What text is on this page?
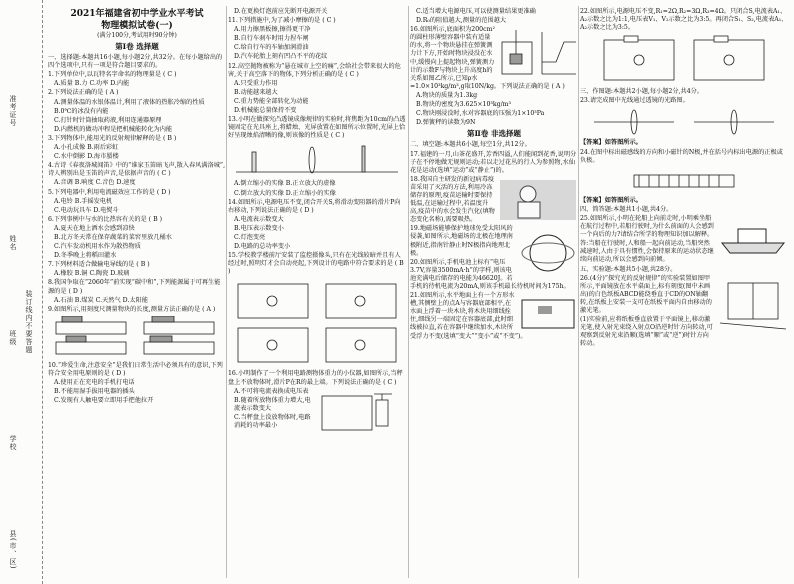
准考证号
姓名
装订线内不要答题
班级
学校
县(市、区)
2021年福建省初中学业水平考试
物理模拟试卷(一)
(满分100分,考试用时90分钟)
第Ⅰ卷 选择题

一、选择题:本题共16小题,每小题2分,共32分。在每小题给出的四个选项中,只有一项是符合题目要求的。

1.下列单位中,以瓦特名字命名的物理量是 ( C )

A.质量 B.力 C.功率 D.内能

2.下列说法正确的是 ( A )

A.测量体温的水银体温计,利用了液体的热胀冷缩的性质

B.0℃的冰没有内能

C.打针时针筒抽取药液,利用连通器原理

D.内燃机的做功冲程是把机械能转化为内能

3.下列物体中,能用光的反射规律解释的是 ( B )

A.小孔成像 B.雨后彩虹

C.水中倒影 D.海市蜃楼

4.古诗《春夜洛城闻笛》中的“谁家玉笛暗飞声,散入春风满洛城”,诗人辨别出是玉笛的声音,是依据声音的 ( C )

A.音调 B.响度 C.音色 D.速度

5.下列电器中,利用电流磁效应工作的是 ( D )

A.电铃 B.手摇发电机

C.电动玩具车 D.电熨斗

6.下列事例中与水的比热容有关的是 ( B )

A.夏天在地上洒水会感到凉快

B.北方冬天常在保存蔬菜的菜窖里放几桶水

C.汽车发动机用水作为散热物质

D.冬季晚上将稻田灌水

7.下列材料适合做输电导线的是 ( B )

A.橡胶 B.铜 C.陶瓷 D.玻璃

8.我国争取在“2060年”前实现“碳中和”,下列能源属于可再生能源的是 ( D )

A.石油 B.煤炭 C.天然气 D.太阳能

9.如图所示,用刻度尺测量物块的长度,测量方法正确的是 ( A )

10.“珍爱生命,注意安全”是我们日常生活中必须具有的意识,下列符合安全用电原则的是 ( D )

A.使用正在充电的手机打电话

B.不能用湿手拔用电器的插头

C.发现有人触电要立即用手把他拉开

D.在更换灯泡前应先断开电源开关

11.下列措施中,为了减小摩擦的是 ( C )

A.用力擦黑板擦,擦得更干净

B.自行车刹车时用力捏车闸

C.给自行车的车轴加润滑油

D.汽车轮胎上刻有凹凸不平的花纹

12.高空抛物被称为“悬在城市上空的痛”,会给社会带来很大的危害,关于高空落下的物体,下列分析正确的是 ( C )

A.只受重力作用

B.动能越来越大

C.重力势能全部转化为动能

D.机械能总量保持不变

13.小明在做探究凸透镜成像规律的实验时,将焦距为10cm的凸透镜固定在光具座上,将蜡烛、光屏放置在如图所示位置时,光屏上恰好呈现烛焰清晰的像,则该像的性质是 ( C )

A.倒立缩小的实像 B.正立放大的虚像

C.倒立放大的实像 D.正立缩小的实像

14.如图所示,电源电压不变,闭合开关S,将滑动变阻器的滑片P向右移动,下列说法正确的是 ( D )

A.电流表示数变大

B.电压表示数变小

C.灯泡变亮

D.电路的总功率变小

15.学校教学楼前厅安装了监控摄像头,只有在光线较暗并且有人经过时,照明灯才会自动亮起,下列设计的电路中符合要求的是 ( B )

16.小明制作了一个利用电路测物体重力的小仪器,如图所示,当秤盘上不放物体时,滑片P在R的最上端。下列说法正确的是 ( C )

A.不可将电流表换成电压表

B.随着所放物体重力增大,电流表示数变大

C.当秤盘上没放物体时,电路消耗的功率最小

C.适当增大电源电压,可以使测量结果更准确

D.R₀的阻值越大,测量的范围越大

16.如图所示,底面积为200cm²的圆柱形薄壁容器中装有适量的水,将一个物块悬挂在弹簧测力计下方,开始时物块浸没在水中,缓慢向上提起物块,弹簧测力计的示数F与物块上升高度h的关系如图乙所示,已知ρ水=1.0×10³kg/m³,g取10N/kg。下列说法正确的是 ( A )

A.物块的质量为1.3kg

B.物块的密度为3.625×10³kg/m³

C.物块刚浸没时,水对容器底的压强为1×10³Pa

D.弹簧秤的读数为9N

第Ⅱ卷 非选择题

二、填空题:本题共6小题,每空1分,共12分。

17.福建的一月,山茶花盛开,芳香四溢,人们能闻到花香,说明分子在不停地做无规则运动;若以走过花丛的行人为参照物,水仙花是运动(选填“运动”或“静止”)的。

18.我国自主研发的新冠病毒疫苗采用了灭活的方法,利用冷冻储存的原理,疫苗运输时要保持低温,在运输过程中,若温度升高,疫苗中的水会发生汽化(填物态变化名称),需要吸热。

19.地磁场能够保护地球免受太阳风的侵袭,如图所示,地磁场的北极在地理南极附近,指南针静止时N极指向地理北极。

20.如图所示,手机电池上标有“电压3.7V,容量3500mA·h”的字样,则该电池充满电后储存的电能为46620J。若手机的待机电流为20mA,则该手机最长待机时间为175h。

21.如图所示,水平地面上有一个方形水槽,其侧壁上的点A与容器底部相平,在水面上浮着一块木块,将木块用细线拴住,细线另一端固定在容器底部,此时细线被拉直,若在容器中继续加水,木块所受浮力不变(选填“变大”“变小”或“不变”)。

22.如图所示,电源电压不变,R₁=2Ω,R₂=3Ω,R₃=4Ω。只闭合S,电流表A₁、A₂示数之比为1:1,电压表V₁、V₂示数之比为3:5。再闭合S₁、S₂,电流表A₁、A₂示数之比为3:5。

三、作图题:本题共2小题,每小题2分,共4分。

23.请完成图中光线通过透镜的光路图。

【答案】如答图所示。

24.在图中标出磁感线的方向和小磁针的N极,并在括号内标出电源的正极或负极。

【答案】如答图所示。

四、简答题:本题共1小题,共4分。

25.如图所示,小明在轮船上向前走时,小明乘坐船在航行过程中,若船行驶时,为什么前面的人会感到一个向后的力?请结合所学的物理知识加以解释。

答:当船在行驶时,人和船一起向前运动,当船突然减速时,人由于具有惯性,会保持原来的运动状态继续向前运动,所以会感到向前倾。

五、实验题:本题共5小题,共28分。

26.(4分)“探究光的反射规律”的实验装置如图甲所示,平面镜放在水平桌面上,标有刻度(图中未画出)的白色纸板ABCD能绕垂直于CD的ON轴翻转,在纸板上安装一支可在纸板平面内自由移动的激光笔。

(1)实验前,应将纸板垂直放置于平面镜上,移动激光笔,使入射光束绕入射点O沿逆时针方向转动,可观察到反射光束沿顺(选填“顺”或“逆”)时针方向转动。
